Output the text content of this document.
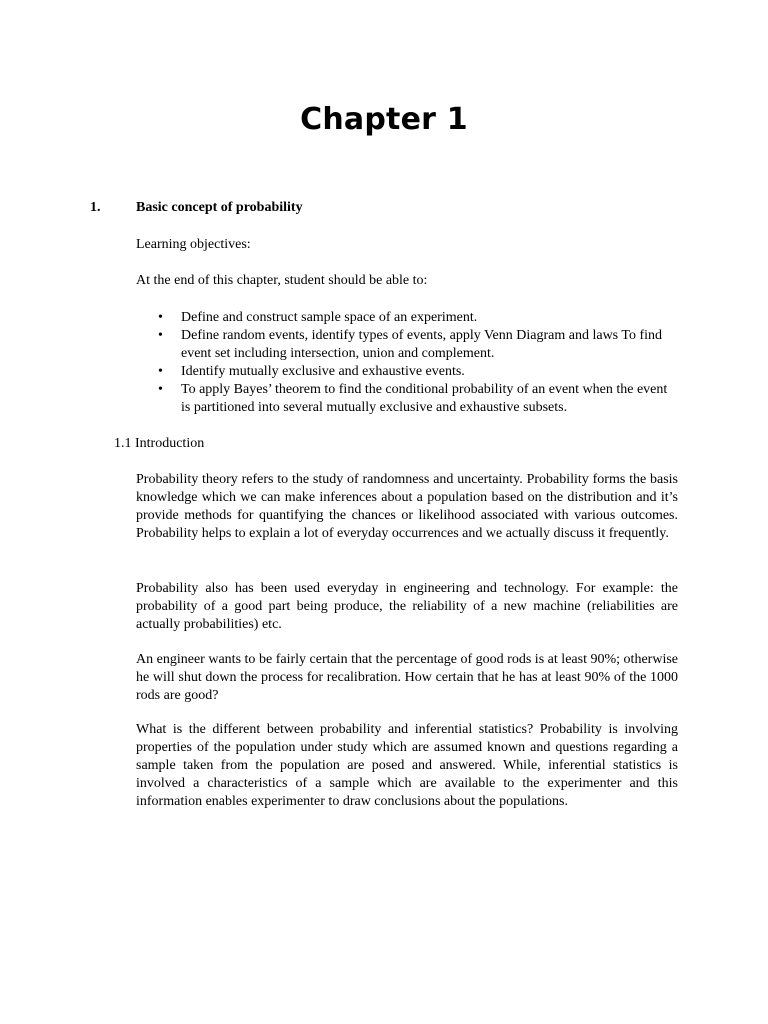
Chapter 1
1.	Basic concept of probability
Learning objectives:
At the end of this chapter, student should be able to:
• Define and construct sample space of an experiment.
• Define random events, identify types of events, apply Venn Diagram and laws To find event set including intersection, union and complement.
• Identify mutually exclusive and exhaustive events.
• To apply Bayes’ theorem to find the conditional probability of an event when the event is partitioned into several mutually exclusive and exhaustive subsets.
1.1 Introduction
Probability theory refers to the study of randomness and uncertainty. Probability forms the basis knowledge which we can make inferences about a population based on the distribution and it’s provide methods for quantifying the chances or likelihood associated with various outcomes. Probability helps to explain a lot of everyday occurrences and we actually discuss it frequently.
Probability also has been used everyday in engineering and technology. For example: the probability of a good part being produce, the reliability of a new machine (reliabilities are actually probabilities) etc.
An engineer wants to be fairly certain that the percentage of good rods is at least 90%; otherwise he will shut down the process for recalibration. How certain that he has at least 90% of the 1000 rods are good?
What is the different between probability and inferential statistics? Probability is involving properties of the population under study which are assumed known and questions regarding a sample taken from the population are posed and answered. While, inferential statistics is involved a characteristics of a sample which are available to the experimenter and this information enables experimenter to draw conclusions about the populations.
